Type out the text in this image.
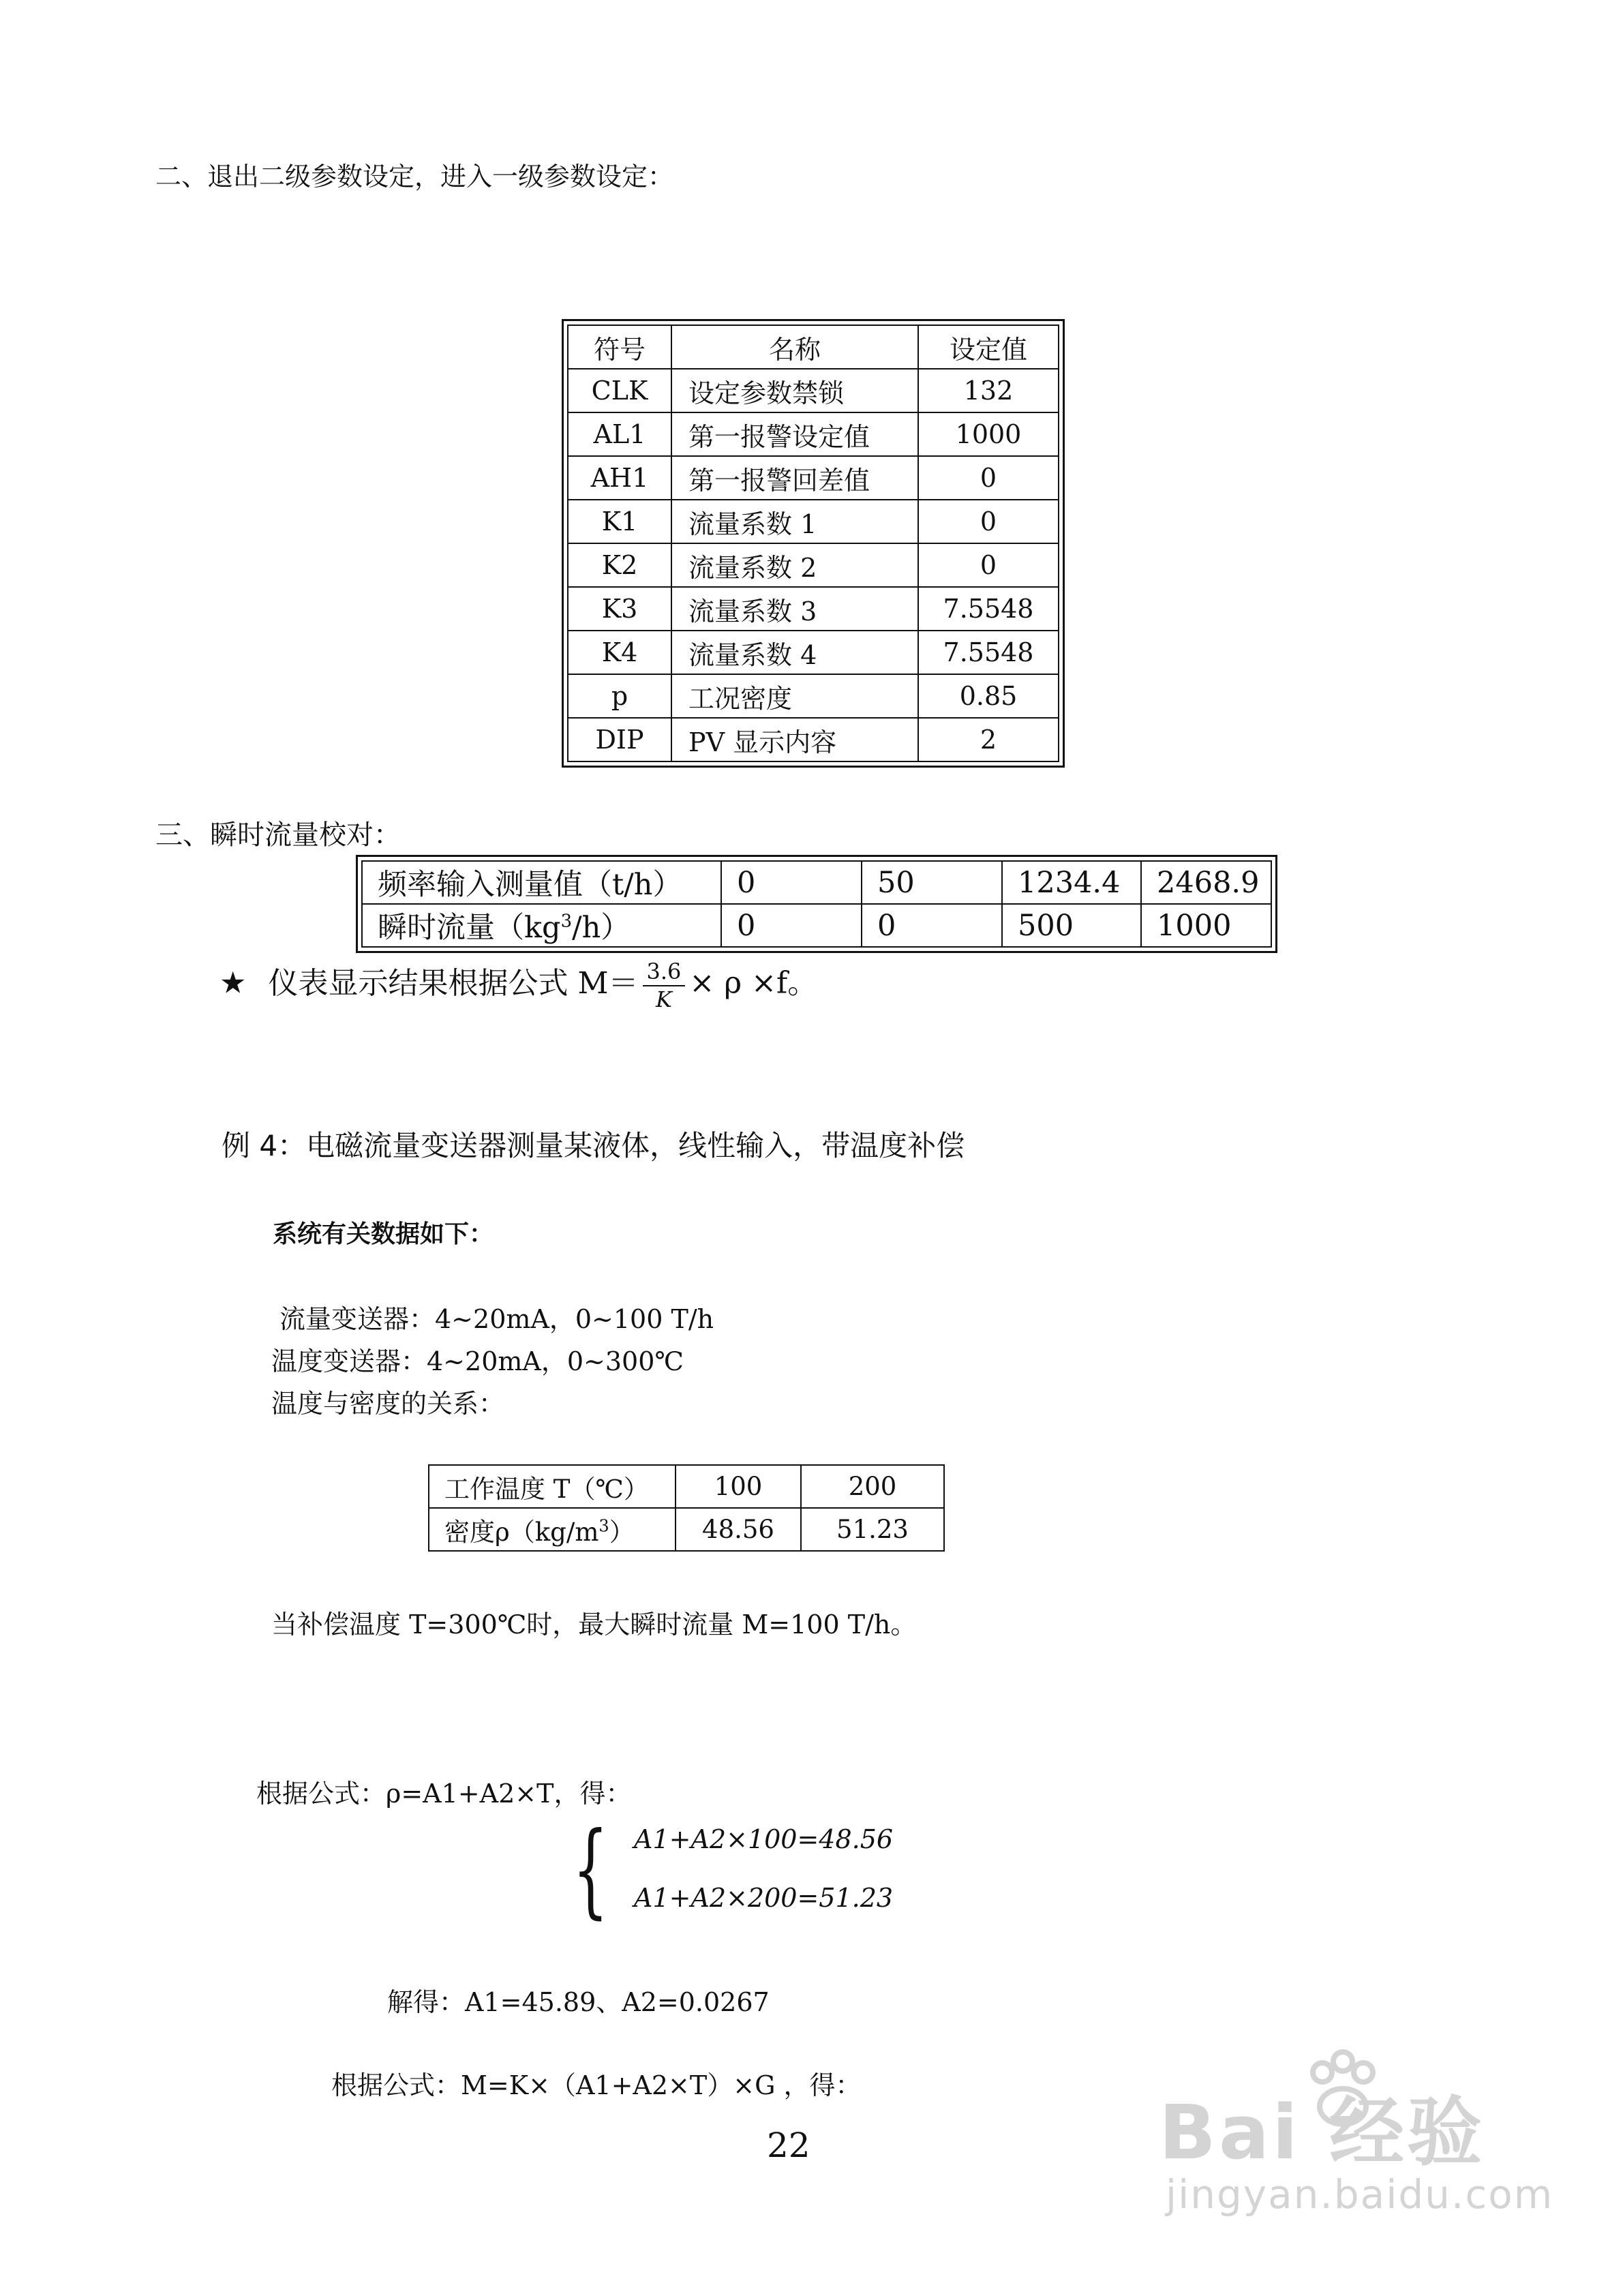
二、退出二级参数设定，进入一级参数设定：
符号	名称	设定值
CLK	设定参数禁锁	132
AL1	第一报警设定值	1000
AH1	第一报警回差值	0
K1	流量系数 1	0
K2	流量系数 2	0
K3	流量系数 3	7.5548
K4	流量系数 4	7.5548
p	工况密度	0.85
DIP	PV 显示内容	2
三、瞬时流量校对：
频率输入测量值（t/h）	0	50	1234.4	2468.9
瞬时流量$(kg^3/h)$	0	0	500	1000
★ 仪表显示结果根据公式 $M= \frac{3.6}{K} \times \rho \times f$。
例 4：电磁流量变送器测量某液体，线性输入，带温度补偿
系统有关数据如下：
流量变送器：4~20mA，0~100 T/h
温度变送器：4~20mA，0~300℃
温度与密度的关系：
工作温度 T（℃）	100	200
密度$\rho(kg/m^3)$	48.56	51.23
当补偿温度 T=300℃时，最大瞬时流量 M=100 T/h。
根据公式：ρ=A1+A2×T，得：
{ A1+A2×100=48.56
A1+A2×200=51.23
解得：A1=45.89、A2=0.0267
根据公式：M=K×（A1+A2×T）×G ，得：
22	Bai 经验
jingyan.baidu.com
